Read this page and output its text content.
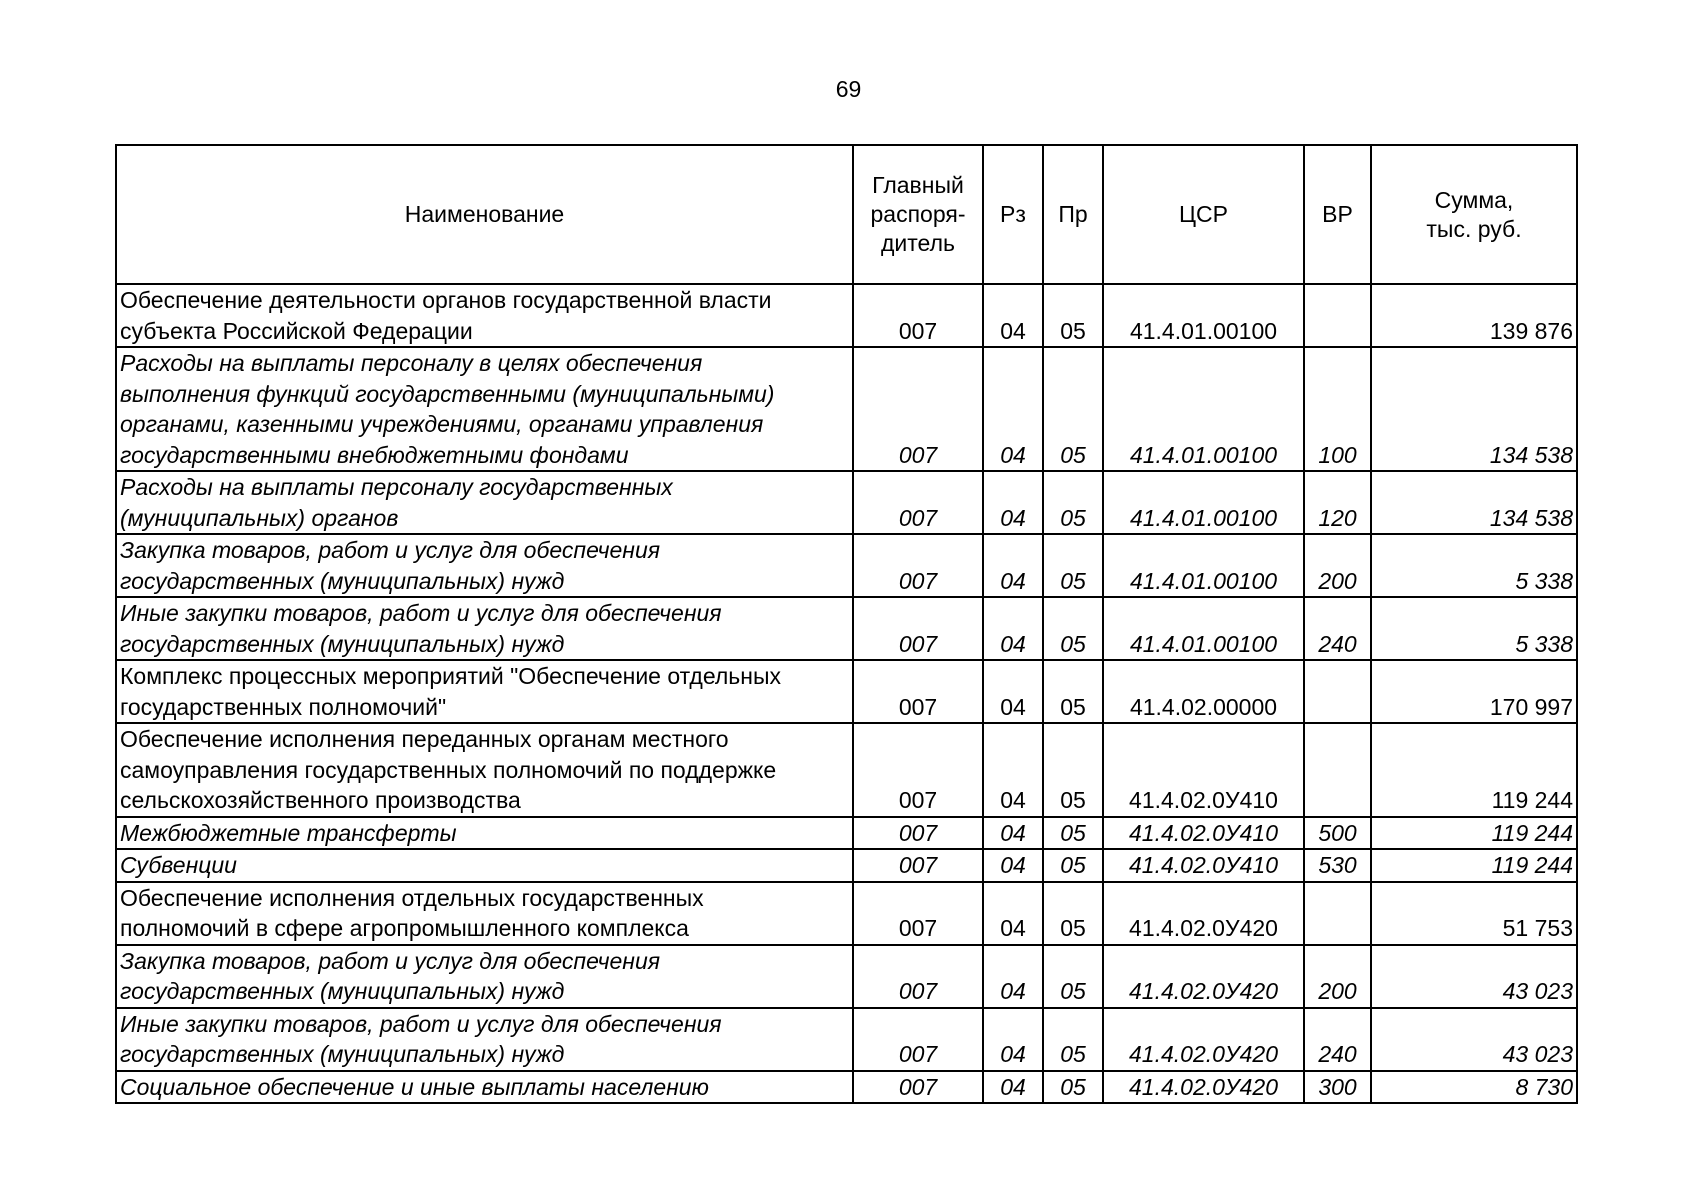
69
Наименование	Главный
распоря-
дитель	Рз	Пр	ЦСР	ВР	Сумма,
тыс. руб.
Обеспечение деятельности органов государственной власти
субъекта Российской Федерации	007	04	05	41.4.01.00100		139 876
Расходы на выплаты персоналу в целях обеспечения
выполнения функций государственными (муниципальными)
органами, казенными учреждениями, органами управления
государственными внебюджетными фондами	007	04	05	41.4.01.00100	100	134 538
Расходы на выплаты персоналу государственных
(муниципальных) органов	007	04	05	41.4.01.00100	120	134 538
Закупка товаров, работ и услуг для обеспечения
государственных (муниципальных) нужд	007	04	05	41.4.01.00100	200	5 338
Иные закупки товаров, работ и услуг для обеспечения
государственных (муниципальных) нужд	007	04	05	41.4.01.00100	240	5 338
Комплекс процессных мероприятий "Обеспечение отдельных
государственных полномочий"	007	04	05	41.4.02.00000		170 997
Обеспечение исполнения переданных органам местного
самоуправления государственных полномочий по поддержке
сельскохозяйственного производства	007	04	05	41.4.02.0У410		119 244
Межбюджетные трансферты	007	04	05	41.4.02.0У410	500	119 244
Субвенции	007	04	05	41.4.02.0У410	530	119 244
Обеспечение исполнения отдельных государственных
полномочий в сфере агропромышленного комплекса	007	04	05	41.4.02.0У420		51 753
Закупка товаров, работ и услуг для обеспечения
государственных (муниципальных) нужд	007	04	05	41.4.02.0У420	200	43 023
Иные закупки товаров, работ и услуг для обеспечения
государственных (муниципальных) нужд	007	04	05	41.4.02.0У420	240	43 023
Социальное обеспечение и иные выплаты населению	007	04	05	41.4.02.0У420	300	8 730
